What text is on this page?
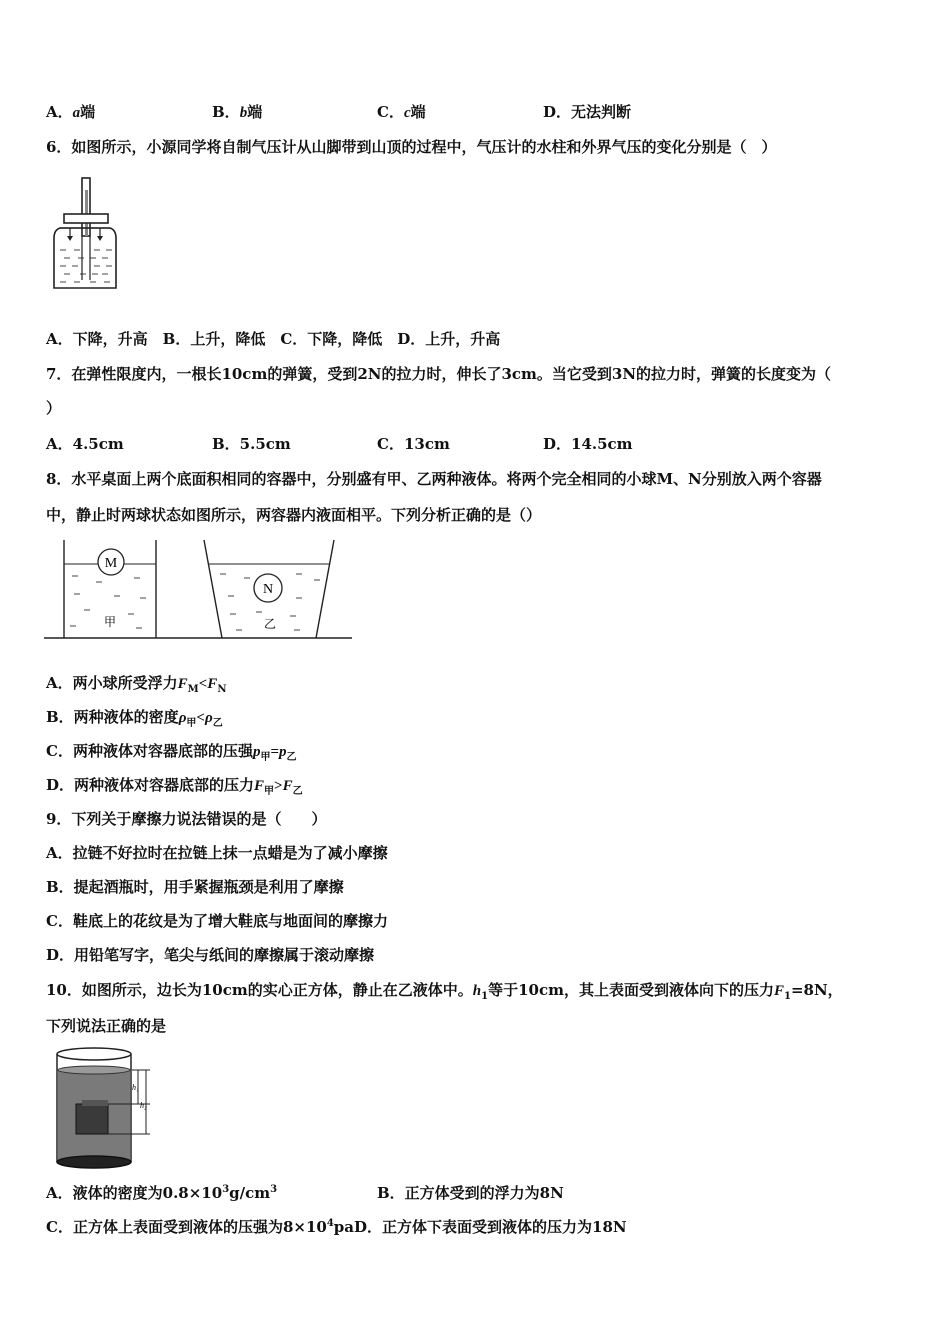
A．a端	B．b端	C．c端	D．无法判断
6．如图所示，小源同学将自制气压计从山脚带到山顶的过程中，气压计的水柱和外界气压的变化分别是（　）
A．下降，升高　B．上升，降低　C．下降，降低　D．上升，升高
7．在弹性限度内，一根长10cm的弹簧，受到2N的拉力时，伸长了3cm。当它受到3N的拉力时，弹簧的长度变为（
）
A．4.5cm	B．5.5cm	C．13cm	D．14.5cm
8．水平桌面上两个底面积相同的容器中，分别盛有甲、乙两种液体。将两个完全相同的小球M、N分别放入两个容器
中，静止时两球状态如图所示，两容器内液面相平。下列分析正确的是（）
M
甲
N
乙
A．两小球所受浮力$F_M<F_N$
B．两种液体的密度$\rho_甲<\rho_乙$
C．两种液体对容器底部的压强$p_甲=p_乙$
D．两种液体对容器底部的压力$F_甲>F_乙$
9．下列关于摩擦力说法错误的是（　　）
A．拉链不好拉时在拉链上抹一点蜡是为了减小摩擦
B．提起酒瓶时，用手紧握瓶颈是利用了摩擦
C．鞋底上的花纹是为了增大鞋底与地面间的摩擦力
D．用铅笔写字，笔尖与纸间的摩擦属于滚动摩擦
10．如图所示，边长为10cm的实心正方体，静止在乙液体中。$h_1$等于10cm，其上表面受到液体向下的压力$F_1=8N$，
下列说法正确的是
h₁
h₂
A．液体的密度为$0.8\times 10^3g/cm^3$	B．正方体受到的浮力为8N
C．正方体上表面受到液体的压强为$8\times 10^4paD$．正方体下表面受到液体的压力为18N
